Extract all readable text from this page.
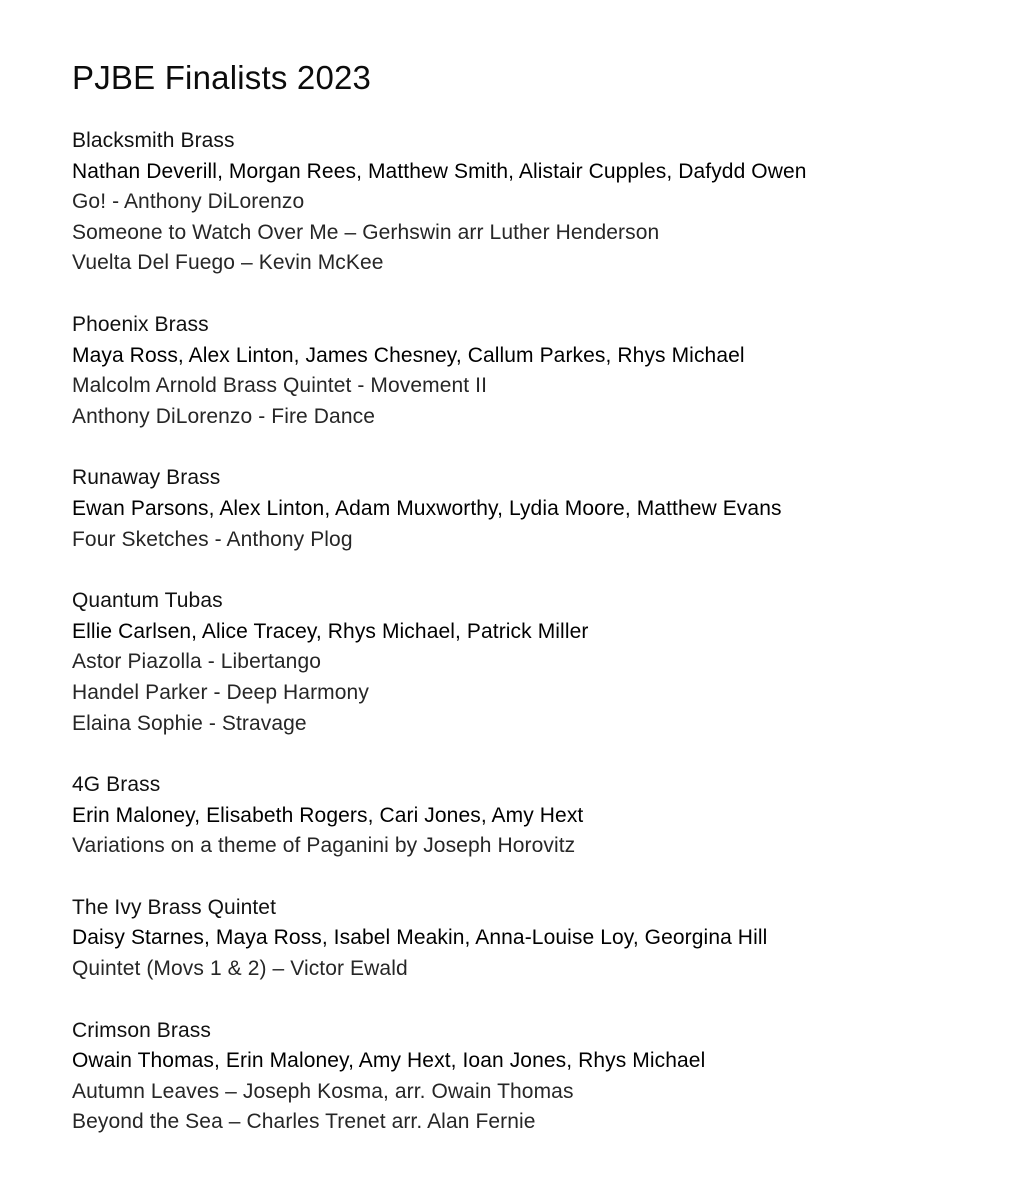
PJBE Finalists 2023
Blacksmith Brass
Nathan Deverill, Morgan Rees, Matthew Smith, Alistair Cupples, Dafydd Owen
Go! - Anthony DiLorenzo
Someone to Watch Over Me – Gerhswin arr Luther Henderson
Vuelta Del Fuego – Kevin McKee
Phoenix Brass
Maya Ross, Alex Linton, James Chesney, Callum Parkes, Rhys Michael
Malcolm Arnold Brass Quintet - Movement II
Anthony DiLorenzo - Fire Dance
Runaway Brass
Ewan Parsons, Alex Linton, Adam Muxworthy, Lydia Moore, Matthew Evans
Four Sketches - Anthony Plog
Quantum Tubas
Ellie Carlsen, Alice Tracey, Rhys Michael, Patrick Miller
Astor Piazolla - Libertango
Handel Parker - Deep Harmony
Elaina Sophie - Stravage
4G Brass
Erin Maloney, Elisabeth Rogers, Cari Jones, Amy Hext
Variations on a theme of Paganini by Joseph Horovitz
The Ivy Brass Quintet
Daisy Starnes, Maya Ross, Isabel Meakin, Anna-Louise Loy, Georgina Hill
Quintet (Movs 1 & 2) – Victor Ewald
Crimson Brass
Owain Thomas, Erin Maloney, Amy Hext, Ioan Jones, Rhys Michael
Autumn Leaves – Joseph Kosma, arr. Owain Thomas
Beyond the Sea – Charles Trenet arr. Alan Fernie
